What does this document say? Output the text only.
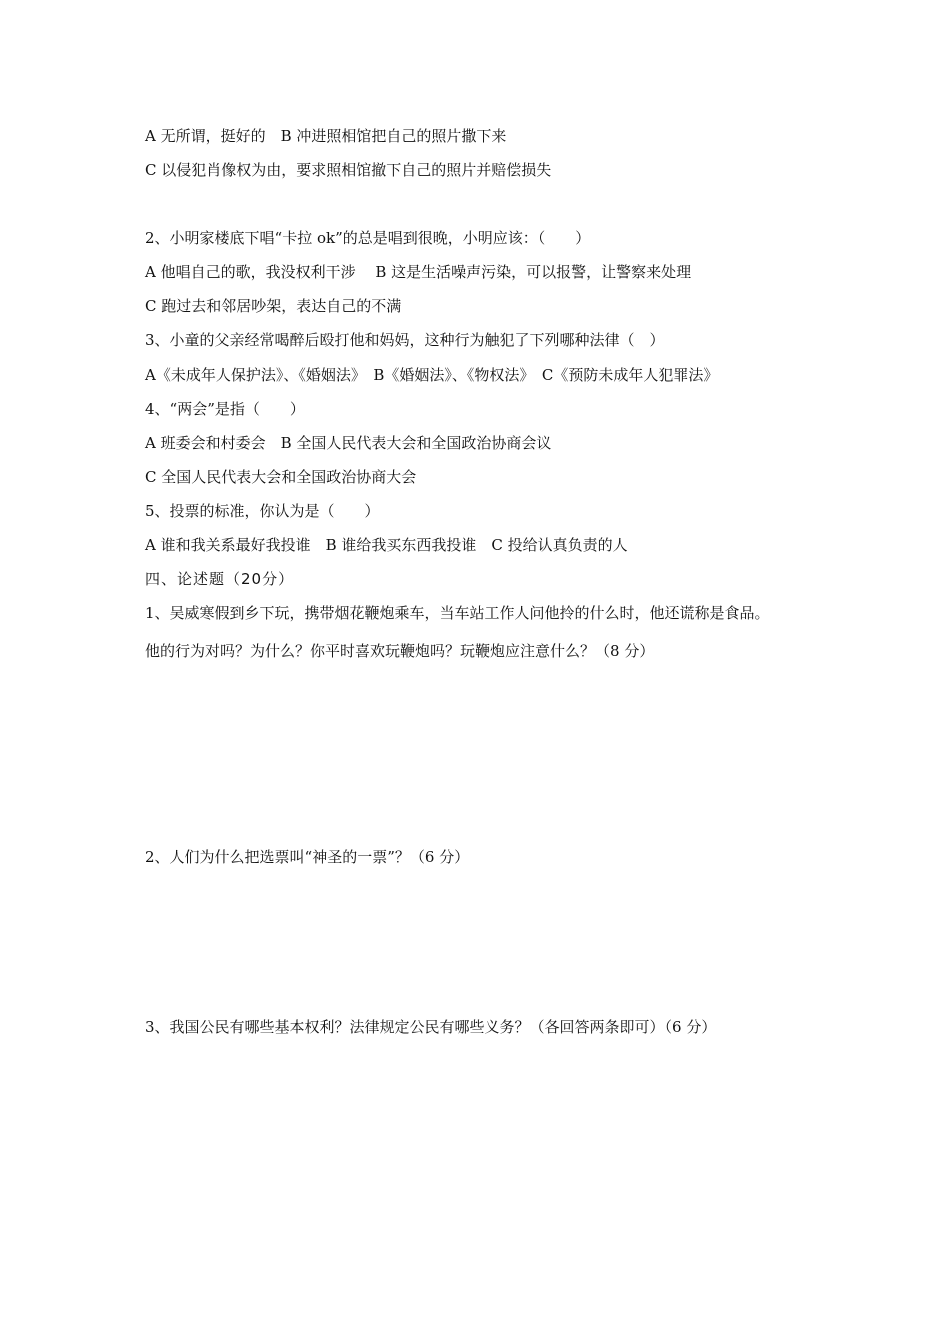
A 无所谓，挺好的　B 冲进照相馆把自己的照片撒下来
C 以侵犯肖像权为由，要求照相馆撤下自己的照片并赔偿损失
2、小明家楼底下唱“卡拉 ok”的总是唱到很晚，小明应该：（　　）
A 他唱自己的歌，我没权利干涉　 B 这是生活噪声污染，可以报警，让警察来处理
C 跑过去和邻居吵架，表达自己的不满
3、小童的父亲经常喝醉后殴打他和妈妈，这种行为触犯了下列哪种法律（　）
A《未成年人保护法》、《婚姻法》　B《婚姻法》、《物权法》　C《预防未成年人犯罪法》
4、“两会”是指（　　）
A 班委会和村委会　B 全国人民代表大会和全国政治协商会议
C 全国人民代表大会和全国政治协商大会
5、投票的标准，你认为是（　　）
A 谁和我关系最好我投谁　B 谁给我买东西我投谁　C 投给认真负责的人
四、论述题（20分）
1、吴威寒假到乡下玩，携带烟花鞭炮乘车，当车站工作人问他拎的什么时，他还谎称是食品。
他的行为对吗？为什么？你平时喜欢玩鞭炮吗？玩鞭炮应注意什么？（8 分）
2、人们为什么把选票叫“神圣的一票”？（6 分）
3、我国公民有哪些基本权利？法律规定公民有哪些义务？（各回答两条即可）（6 分）
